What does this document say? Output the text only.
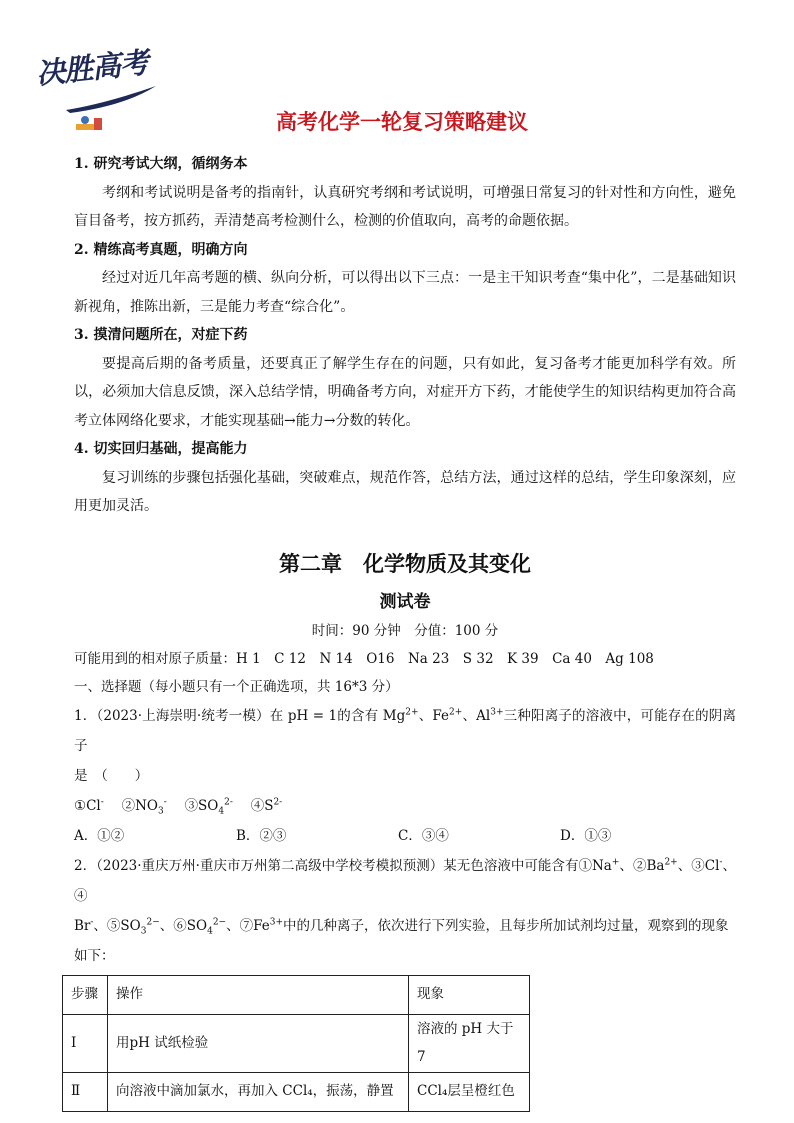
决胜高考
高考化学一轮复习策略建议

1. 研究考试大纲，循纲务本

考纲和考试说明是备考的指南针，认真研究考纲和考试说明，可增强日常复习的针对性和方向性，避免盲目备考，按方抓药，弄清楚高考检测什么，检测的价值取向，高考的命题依据。

2. 精练高考真题，明确方向

经过对近几年高考题的横、纵向分析，可以得出以下三点：一是主干知识考查“集中化”，二是基础知识新视角，推陈出新，三是能力考查“综合化”。

3. 摸清问题所在，对症下药

要提高后期的备考质量，还要真正了解学生存在的问题，只有如此，复习备考才能更加科学有效。所以，必须加大信息反馈，深入总结学情，明确备考方向，对症开方下药，才能使学生的知识结构更加符合高考立体网络化要求，才能实现基础→能力→分数的转化。

4. 切实回归基础，提高能力

复习训练的步骤包括强化基础，突破难点，规范作答，总结方法，通过这样的总结，学生印象深刻，应用更加灵活。

第二章　化学物质及其变化

测试卷

时间：90 分钟　分值：100 分

可能用到的相对原子质量：H 1　C 12　N 14　O16　Na 23　S 32　K 39　Ca 40　Ag 108

一、选择题（每小题只有一个正确选项，共 16*3 分）

1．（2023·上海崇明·统考一模）在 pH = 1的含有 $Mg^{2+}$、$Fe^{2+}$、$Al^{3+}$三种阳离子的溶液中，可能存在的阴离子
是　（　　）

①Cl-　 $②NO_3^-$　 $③SO_4^{2-}$　 $④S^{2-}$

A．①②	B．②③	C．③④	D．①③

2．（2023·重庆万州·重庆市万州第二高级中学校考模拟预测）某无色溶液中可能含有①Na+、$②Ba^{2+}$、③Cl-、④
Br-、$⑤SO_3^{2-}$、$⑥SO_4^{2-}$、$⑦Fe^{3+}$中的几种离子，依次进行下列实验，且每步所加试剂均过量，观察到的现象
如下：

步骤	操作	现象
Ⅰ	用pH 试纸检验	溶液的 pH 大于 7
Ⅱ	向溶液中滴加氯水，再加入 CCl₄，振荡，静置	CCl₄层呈橙红色
